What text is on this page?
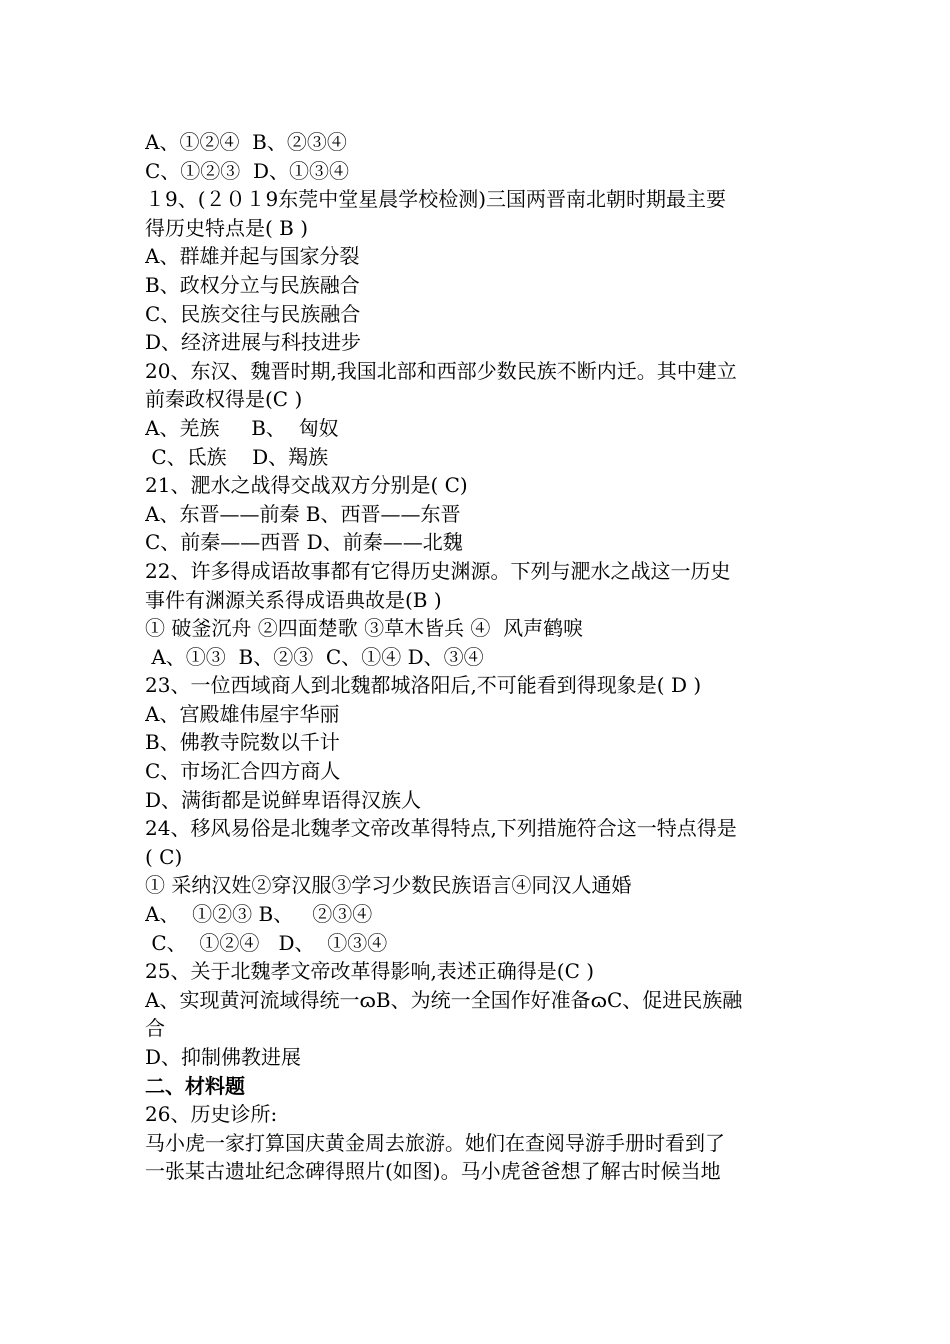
A、①②④  B、②③④
C、①②③  D、①③④
１9、(２０１9东莞中堂星晨学校检测)三国两晋南北朝时期最主要
得历史特点是( B )
A、群雄并起与国家分裂
B、政权分立与民族融合
C、民族交往与民族融合
D、经济进展与科技进步
20、东汉、魏晋时期,我国北部和西部少数民族不断内迁。其中建立
前秦政权得是(C )
A、羌族     B、  匈奴
C、氐族    D、羯族
21、淝水之战得交战双方分别是( C)
A、东晋——前秦 B、西晋——东晋
C、前秦——西晋 D、前秦——北魏
22、许多得成语故事都有它得历史渊源。下列与淝水之战这一历史
事件有渊源关系得成语典故是(B )
① 破釜沉舟 ②四面楚歌 ③草木皆兵 ④  风声鹤唳
A、①③  B、②③  C、①④ D、③④
23、一位西域商人到北魏都城洛阳后,不可能看到得现象是( D )
A、宫殿雄伟屋宇华丽
B、佛教寺院数以千计
C、市场汇合四方商人
D、满街都是说鲜卑语得汉族人
24、移风易俗是北魏孝文帝改革得特点,下列措施符合这一特点得是
( C)
① 采纳汉姓②穿汉服③学习少数民族语言④同汉人通婚
A、  ①②③ B、   ②③④
C、  ①②④   D、  ①③④
25、关于北魏孝文帝改革得影响,表述正确得是(C )
A、实现黄河流域得统一ɷB、为统一全国作好准备ɷC、促进民族融
合
D、抑制佛教进展
二、材料题
26、历史诊所:
马小虎一家打算国庆黄金周去旅游。她们在查阅导游手册时看到了
一张某古遗址纪念碑得照片(如图)。马小虎爸爸想了解古时候当地
